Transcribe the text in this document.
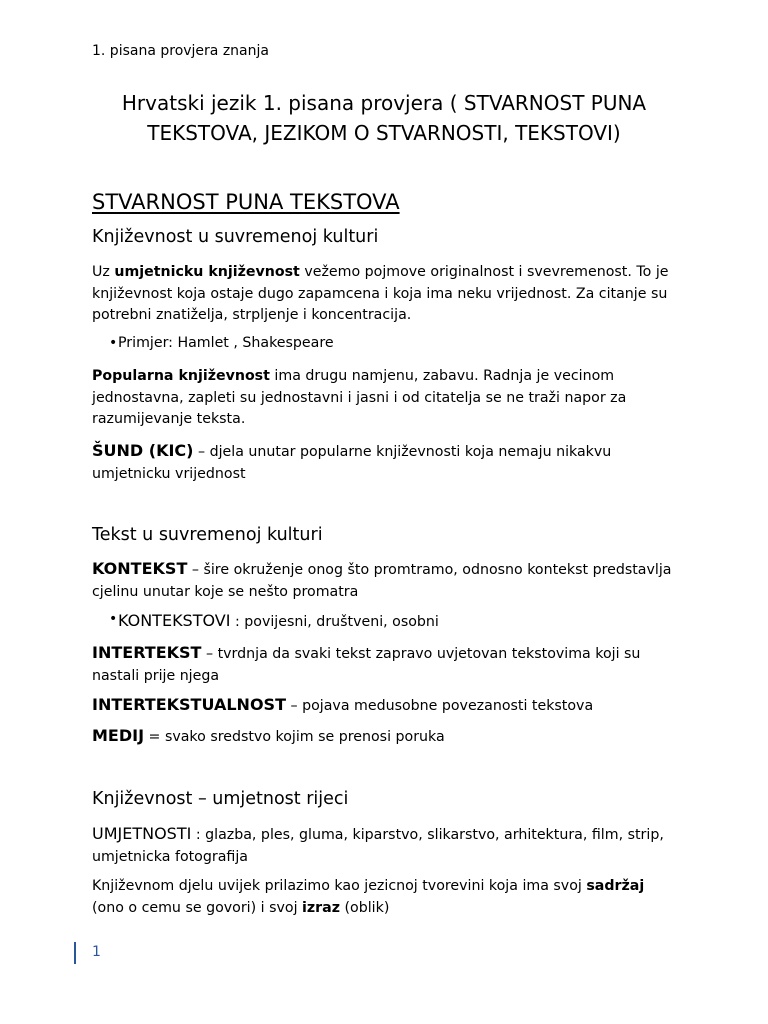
1. pisana provjera znanja
Hrvatski jezik 1. pisana provjera ( STVARNOST PUNA
TEKSTOVA, JEZIKOM O STVARNOSTI, TEKSTOVI)
STVARNOST PUNA TEKSTOVA
Književnost u suvremenoj kulturi

Uz umjetnicku književnost vežemo pojmove originalnost i svevremenost. To je književnost koja ostaje dugo zapamcena i koja ima neku vrijednost. Za citanje su potrebni znatiželja, strpljenje i koncentracija.

• Primjer: Hamlet , Shakespeare

Popularna književnost ima drugu namjenu, zabavu. Radnja je vecinom jednostavna, zapleti su jednostavni i jasni i od citatelja se ne traži napor za razumijevanje teksta.

ŠUND (KIC) – djela unutar popularne književnosti koja nemaju nikakvu umjetnicku vrijednost

Tekst u suvremenoj kulturi

KONTEKST – šire okruženje onog što promtramo, odnosno kontekst predstavlja cjelinu unutar koje se nešto promatra

• KONTEKSTOVI : povijesni, društveni, osobni

INTERTEKST – tvrdnja da svaki tekst zapravo uvjetovan tekstovima koji su nastali prije njega

INTERTEKSTUALNOST – pojava medusobne povezanosti tekstova

MEDIJ = svako sredstvo kojim se prenosi poruka

Književnost – umjetnost rijeci

UMJETNOSTI : glazba, ples, gluma, kiparstvo, slikarstvo, arhitektura, film, strip, umjetnicka fotografija

Književnom djelu uvijek prilazimo kao jezicnoj tvorevini koja ima svoj sadržaj (ono o cemu se govori) i svoj izraz (oblik)

1
